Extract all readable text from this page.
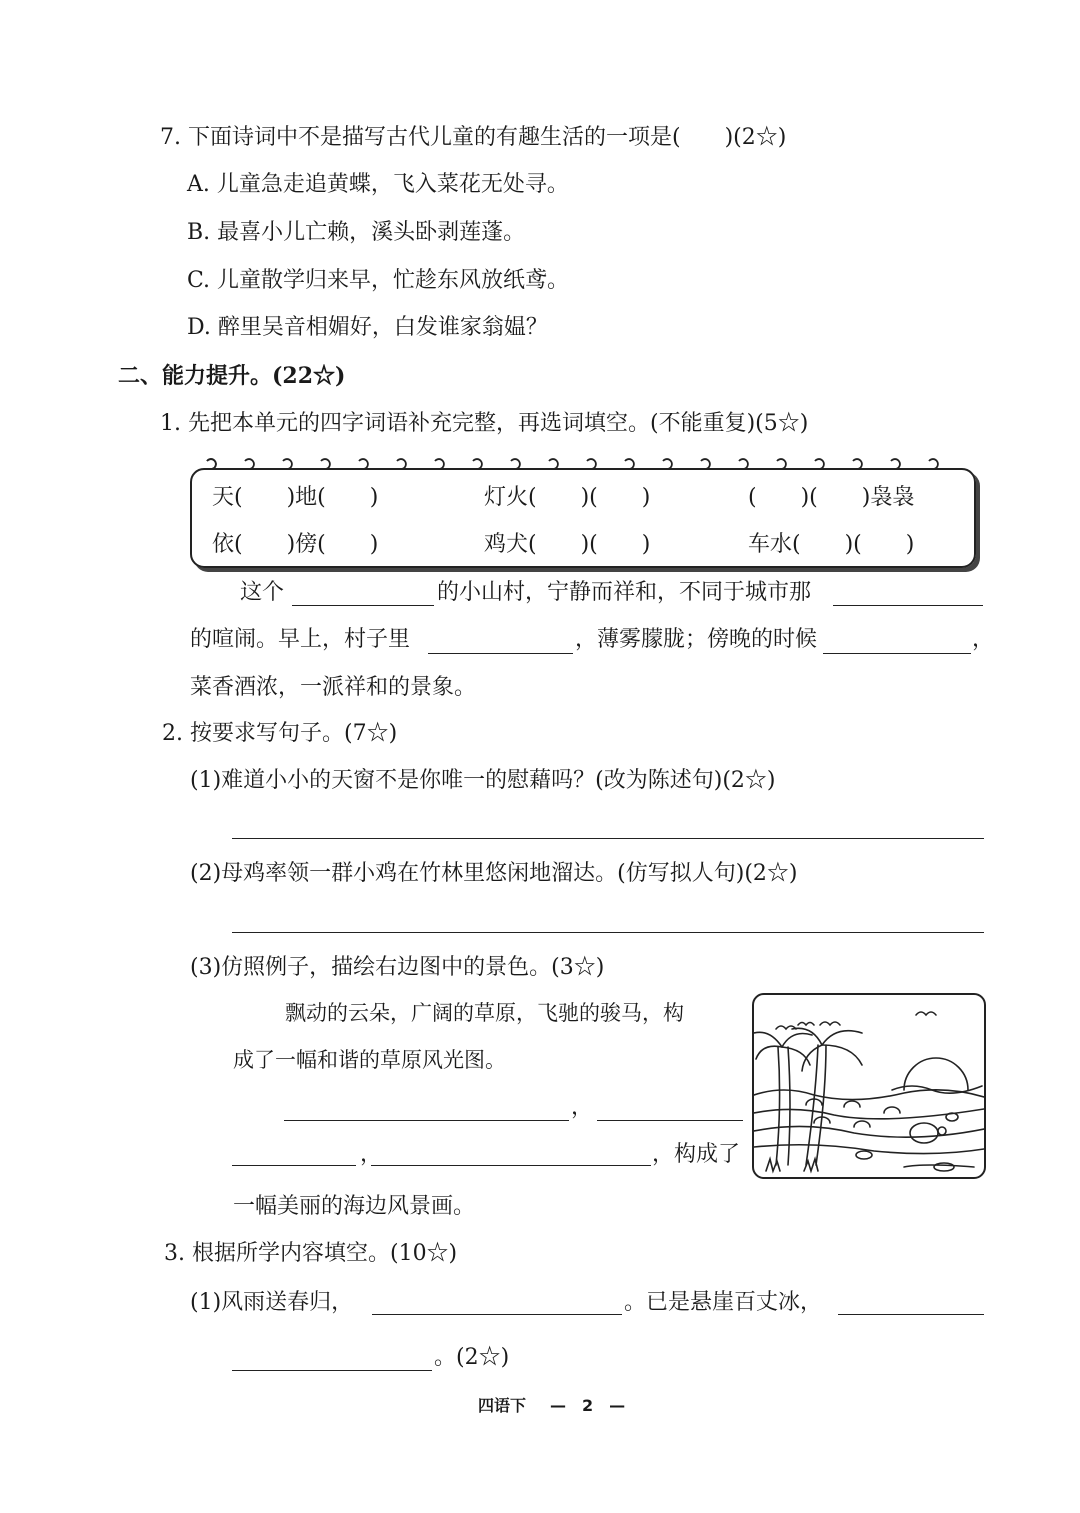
7. 下面诗词中不是描写古代儿童的有趣生活的一项是(　　)(2☆)
A. 儿童急走追黄蝶，飞入菜花无处寻。
B. 最喜小儿亡赖，溪头卧剥莲蓬。
C. 儿童散学归来早，忙趁东风放纸鸢。
D. 醉里吴音相媚好，白发谁家翁媪？
二、能力提升。(22☆)
1. 先把本单元的四字词语补充完整，再选词填空。(不能重复)(5☆)
天(　　)地(　　)	灯火(　　)(　　)	(　　)(　　)袅袅
依(　　)傍(　　)	鸡犬(　　)(　　)	车水(　　)(　　)
这个	的小山村，宁静而祥和，不同于城市那
的喧闹。早上，村子里	，薄雾朦胧；傍晚的时候	，
菜香酒浓，一派祥和的景象。
2. 按要求写句子。(7☆)
(1)难道小小的天窗不是你唯一的慰藉吗？(改为陈述句)(2☆)
(2)母鸡率领一群小鸡在竹林里悠闲地溜达。(仿写拟人句)(2☆)
(3)仿照例子，描绘右边图中的景色。(3☆)
飘动的云朵，广阔的草原，飞驰的骏马，构
成了一幅和谐的草原风光图。
，
，	，构成了
一幅美丽的海边风景画。
3. 根据所学内容填空。(10☆)
(1)风雨送春归，	。已是悬崖百丈冰，
。(2☆)
四语下 —　2　—
